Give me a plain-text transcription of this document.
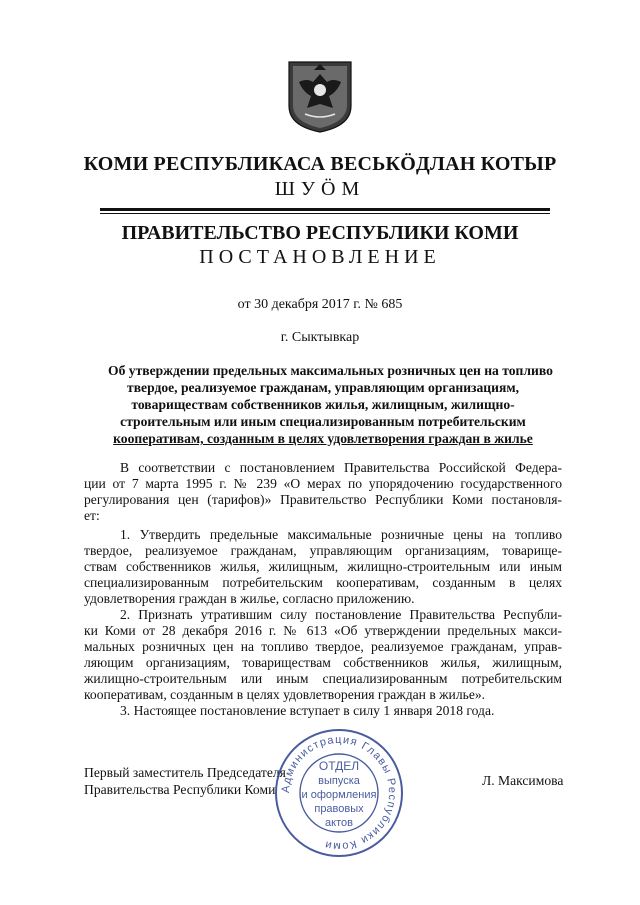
КОМИ РЕСПУБЛИКАСА ВЕСЬКӦДЛАН КОТЫР
ШУӦМ
ПРАВИТЕЛЬСТВО РЕСПУБЛИКИ КОМИ
ПОСТАНОВЛЕНИЕ
от 30 декабря 2017 г. № 685
г. Сыктывкар
Об утверждении предельных максимальных розничных цен на топливо
твердое, реализуемое гражданам, управляющим организациям,
товариществам собственников жилья, жилищным, жилищно-
строительным или иным специализированным потребительским
кооперативам, созданным в целях удовлетворения граждан в жилье
В соответствии с постановлением Правительства Российской Федера-
ции от 7 марта 1995 г. № 239 «О мерах по упорядочению государственного
регулирования цен (тарифов)» Правительство Республики Коми постановля-
ет:
1. Утвердить предельные максимальные розничные цены на топливо
твердое, реализуемое гражданам, управляющим организациям, товарище-
ствам собственников жилья, жилищным, жилищно-строительным или иным
специализированным потребительским кооперативам, созданным в целях
удовлетворения граждан в жилье, согласно приложению.
2. Признать утратившим силу постановление Правительства Республи-
ки Коми от 28 декабря 2016 г. № 613 «Об утверждении предельных макси-
мальных розничных цен на топливо твердое, реализуемое гражданам, управ-
ляющим организациям, товариществам собственников жилья, жилищным,
жилищно-строительным или иным специализированным потребительским
кооперативам, созданным в целях удовлетворения граждан в жилье».
3. Настоящее постановление вступает в силу 1 января 2018 года.
Первый заместитель Председателя
Правительства Республики Коми
Л. Максимова
Администрация Главы Республики Коми
ОТДЕЛ
выпуска
и оформления
правовых
актов
